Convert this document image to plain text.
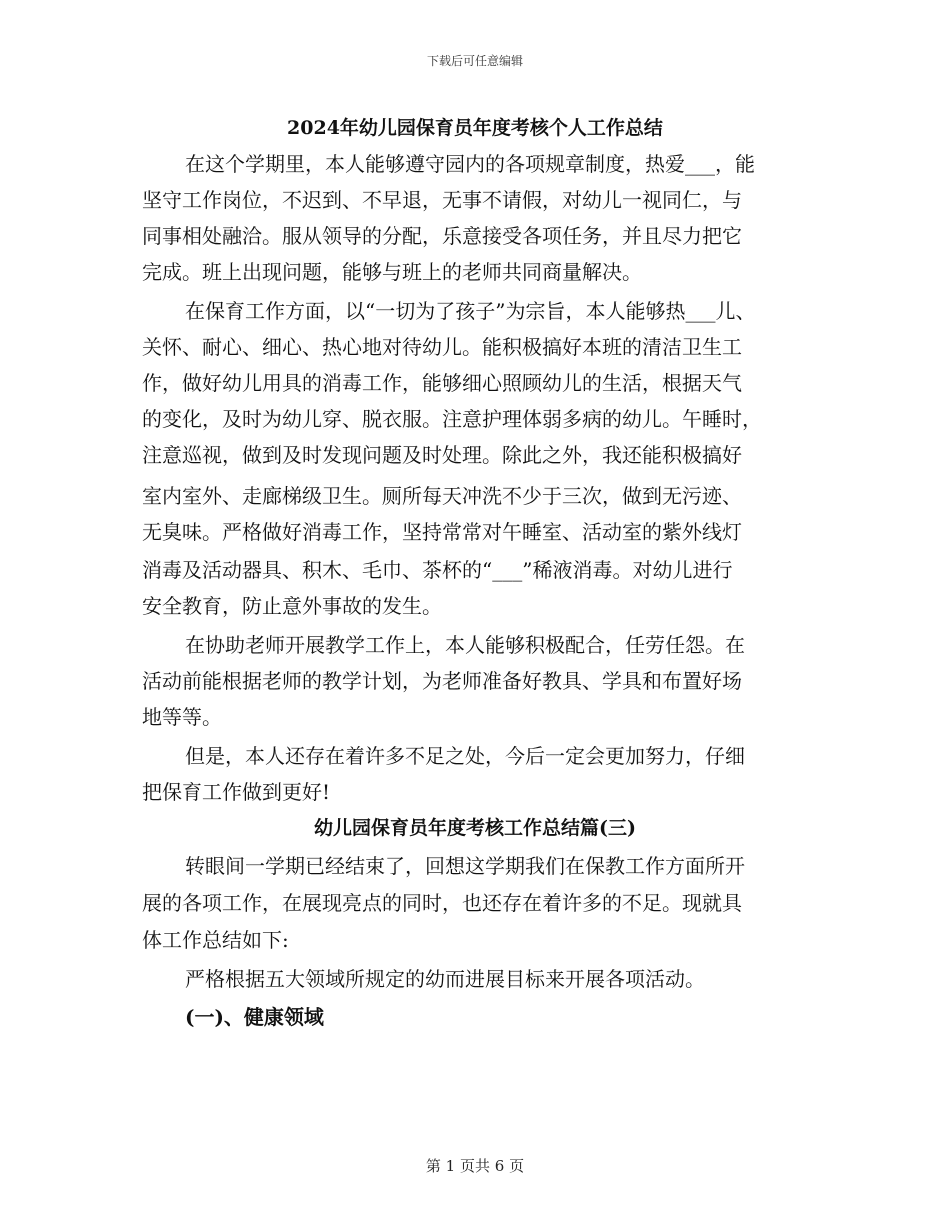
下载后可任意编辑
2024年幼儿园保育员年度考核个人工作总结
在这个学期里，本人能够遵守园内的各项规章制度，热爱___，能
坚守工作岗位，不迟到、不早退，无事不请假，对幼儿一视同仁，与
同事相处融洽。服从领导的分配，乐意接受各项任务，并且尽力把它
完成。班上出现问题，能够与班上的老师共同商量解决。
在保育工作方面，以“一切为了孩子”为宗旨，本人能够热___儿、
关怀、耐心、细心、热心地对待幼儿。能积极搞好本班的清洁卫生工
作，做好幼儿用具的消毒工作，能够细心照顾幼儿的生活，根据天气
的变化，及时为幼儿穿、脱衣服。注意护理体弱多病的幼儿。午睡时，
注意巡视，做到及时发现问题及时处理。除此之外，我还能积极搞好
室内室外、走廊梯级卫生。厕所每天冲洗不少于三次，做到无污迹、
无臭味。严格做好消毒工作，坚持常常对午睡室、活动室的紫外线灯
消毒及活动器具、积木、毛巾、茶杯的“___”稀液消毒。对幼儿进行
安全教育，防止意外事故的发生。
在协助老师开展教学工作上，本人能够积极配合，任劳任怨。在
活动前能根据老师的教学计划，为老师准备好教具、学具和布置好场
地等等。
但是，本人还存在着许多不足之处，今后一定会更加努力，仔细
把保育工作做到更好!
幼儿园保育员年度考核工作总结篇(三)
转眼间一学期已经结束了，回想这学期我们在保教工作方面所开
展的各项工作，在展现亮点的同时，也还存在着许多的不足。现就具
体工作总结如下:
严格根据五大领域所规定的幼而进展目标来开展各项活动。
(一)、健康领域
第 1 页共 6 页
